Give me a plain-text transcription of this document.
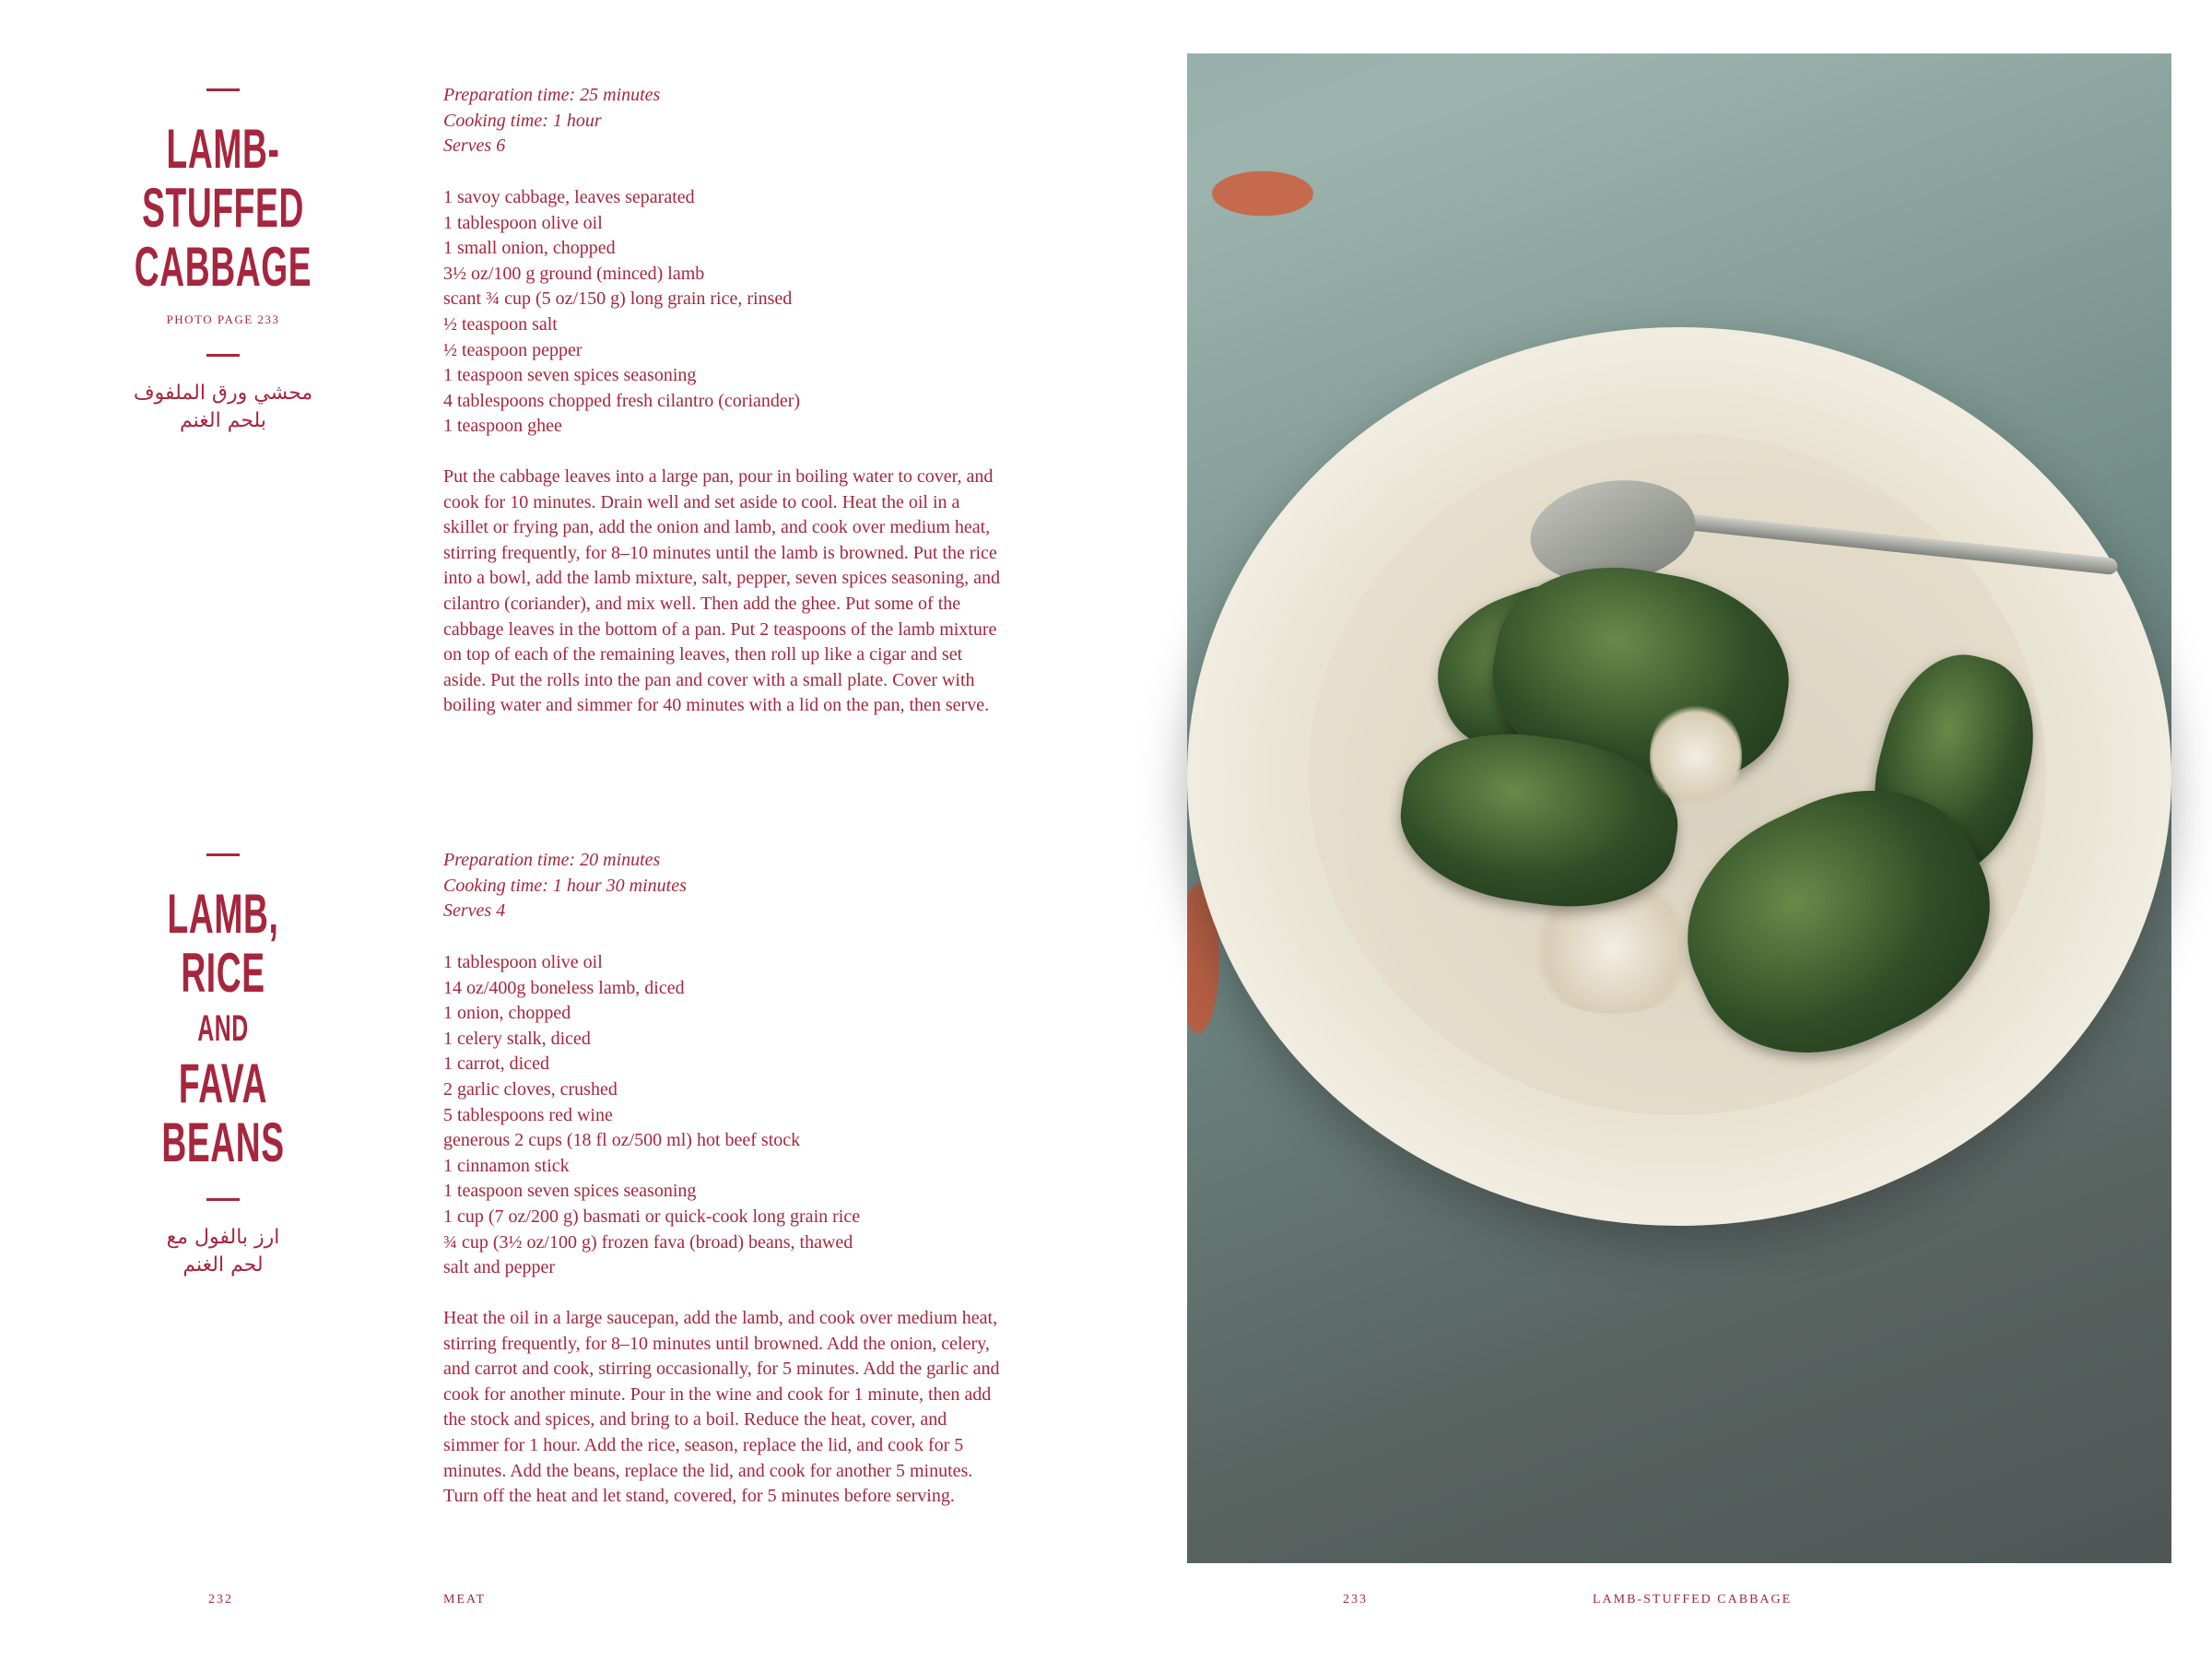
LAMB-
STUFFED
CABBAGE
PHOTO PAGE 233
محشي ورق الملفوف
بلحم الغنم
Preparation time: 25 minutes
Cooking time: 1 hour
Serves 6
1 savoy cabbage, leaves separated
1 tablespoon olive oil
1 small onion, chopped
3½ oz/100 g ground (minced) lamb
scant ¾ cup (5 oz/150 g) long grain rice, rinsed
½ teaspoon salt
½ teaspoon pepper
1 teaspoon seven spices seasoning
4 tablespoons chopped fresh cilantro (coriander)
1 teaspoon ghee
Put the cabbage leaves into a large pan, pour in boiling water to cover, and cook for 10 minutes. Drain well and set aside to cool. Heat the oil in a skillet or frying pan, add the onion and lamb, and cook over medium heat, stirring frequently, for 8–10 minutes until the lamb is browned. Put the rice into a bowl, add the lamb mixture, salt, pepper, seven spices seasoning, and cilantro (coriander), and mix well. Then add the ghee. Put some of the cabbage leaves in the bottom of a pan. Put 2 teaspoons of the lamb mixture on top of each of the remaining leaves, then roll up like a cigar and set aside. Put the rolls into the pan and cover with a small plate. Cover with boiling water and simmer for 40 minutes with a lid on the pan, then serve.
LAMB,
RICE
AND
FAVA
BEANS
ارز بالفول مع
لحم الغنم
Preparation time: 20 minutes
Cooking time: 1 hour 30 minutes
Serves 4
1 tablespoon olive oil
14 oz/400g boneless lamb, diced
1 onion, chopped
1 celery stalk, diced
1 carrot, diced
2 garlic cloves, crushed
5 tablespoons red wine
generous 2 cups (18 fl oz/500 ml) hot beef stock
1 cinnamon stick
1 teaspoon seven spices seasoning
1 cup (7 oz/200 g) basmati or quick-cook long grain rice
¾ cup (3½ oz/100 g) frozen fava (broad) beans, thawed
salt and pepper
Heat the oil in a large saucepan, add the lamb, and cook over medium heat, stirring frequently, for 8–10 minutes until browned. Add the onion, celery, and carrot and cook, stirring occasionally, for 5 minutes. Add the garlic and cook for another minute. Pour in the wine and cook for 1 minute, then add the stock and spices, and bring to a boil. Reduce the heat, cover, and simmer for 1 hour. Add the rice, season, replace the lid, and cook for 5 minutes. Add the beans, replace the lid, and cook for another 5 minutes. Turn off the heat and let stand, covered, for 5 minutes before serving.
232	MEAT	233	LAMB-STUFFED CABBAGE
